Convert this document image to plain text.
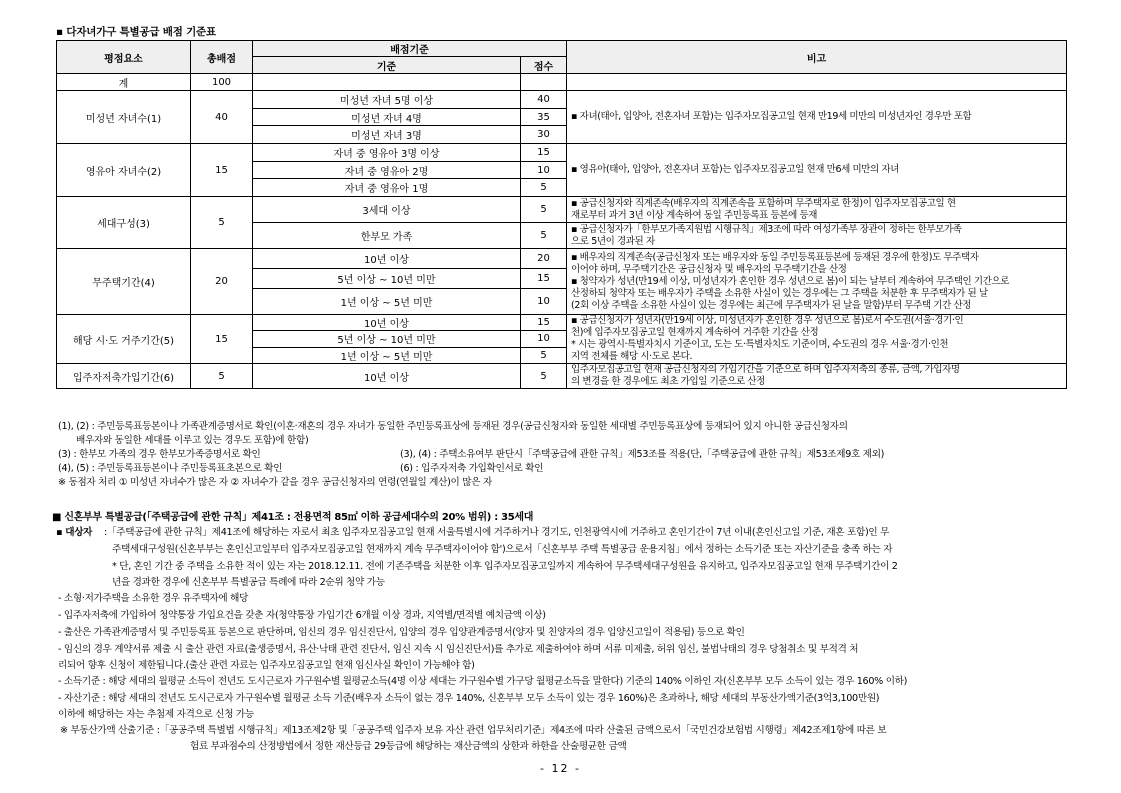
▪ 다자녀가구 특별공급 배점 기준표
평점요소	총배점	배점기준		비고
		기준	점수	
계	100			
미성년 자녀수(1)	40	미성년 자녀 5명 이상	40	▪ 자녀(태아, 입양아, 전혼자녀 포함)는 입주자모집공고일 현재 만19세 미만의 미성년자인 경우만 포함

		미성년 자녀 4명	35	
		미성년 자녀 3명	30	
영유아 자녀수(2)	15	자녀 중 영유아 3명 이상	15	▪ 영유아(태아, 입양아, 전혼자녀 포함)는 입주자모집공고일 현재 만6세 미만의 자녀

		자녀 중 영유아 2명	10	
		자녀 중 영유아 1명	5	
세대구성(3)	5	3세대 이상	5	▪ 공급신청자와 직계존속(배우자의 직계존속을 포함하며 무주택자로 한정)이 입주자모집공고일 현
재로부터 과거 3년 이상 계속하여 동일 주민등록표 등본에 등재

		한부모 가족	5	▪ 공급신청자가「한부모가족지원법 시행규칙」제3조에 따라 여성가족부 장관이 정하는 한부모가족
으로 5년이 경과된 자

무주택기간(4)	20	10년 이상	20	▪ 배우자의 직계존속(공급신청자 또는 배우자와 동일 주민등록표등본에 등재된 경우에 한정)도 무주택자
이어야 하며, 무주택기간은 공급신청자 및 배우자의 무주택기간을 산정
▪ 청약자가 성년(만19세 이상, 미성년자가 혼인한 경우 성년으로 봄)이 되는 날부터 계속하여 무주택인 기간으로
산정하되 청약자 또는 배우자가 주택을 소유한 사실이 있는 경우에는 그 주택을 처분한 후 무주택자가 된 날
(2회 이상 주택을 소유한 사실이 있는 경우에는 최근에 무주택자가 된 날을 말함)부터 무주택 기간 산정

		5년 이상 ~ 10년 미만	15	
		1년 이상 ~ 5년 미만	10	
해당 시·도 거주기간(5)	15	10년 이상	15	▪ 공급신청자가 성년자(만19세 이상, 미성년자가 혼인한 경우 성년으로 봄)로서 수도권(서울·경기·인
천)에 입주자모집공고일 현재까지 계속하여 거주한 기간을 산정
* 시는 광역시·특별자치시 기준이고, 도는 도·특별자치도 기준이며, 수도권의 경우 서울·경기·인천
지역 전체를 해당 시·도로 본다.

		5년 이상 ~ 10년 미만	10	
		1년 이상 ~ 5년 미만	5	
입주자저축가입기간(6)	5	10년 이상	5	입주자모집공고일 현재 공급신청자의 가입기간을 기준으로 하며 입주자저축의 종류, 금액, 가입자명
의 변경을 한 경우에도 최초 가입일 기준으로 산정
(1), (2) : 주민등록표등본이나 가족관계증명서로 확인(이혼·재혼의 경우 자녀가 동일한 주민등록표상에 등재된 경우(공급신청자와 동일한 세대별 주민등록표상에 등재되어 있지 아니한 공급신청자의
배우자와 동일한 세대를 이루고 있는 경우도 포함)에 한함)
(3) : 한부모 가족의 경우 한부모가족증명서로 확인	(3), (4) : 주택소유여부 판단시「주택공급에 관한 규칙」제53조를 적용(단,「주택공급에 관한 규칙」제53조제9호 제외)
(4), (5) : 주민등록표등본이나 주민등록표초본으로 확인	(6) : 입주자저축 가입확인서로 확인
※ 동점자 처리 ① 미성년 자녀수가 많은 자 ② 자녀수가 같을 경우 공급신청자의 연령(연월일 계산)이 많은 자
■ 신혼부부 특별공급(「주택공급에 관한 규칙」제41조 : 전용면적 85㎡ 이하 공급세대수의 20% 범위) : 35세대
▪ 대상자 :「주택공급에 관한 규칙」제41조에 해당하는 자로서 최초 입주자모집공고일 현재 서울특별시에 거주하거나 경기도, 인천광역시에 거주하고 혼인기간이 7년 이내(혼인신고일 기준, 재혼 포함)인 무
주택세대구성원(신혼부부는 혼인신고일부터 입주자모집공고일 현재까지 계속 무주택자이어야 함')으로서「신혼부부 주택 특별공급 운용지침」에서 정하는 소득기준 또는 자산기준을 충족 하는 자
* 단, 혼인 기간 중 주택을 소유한 적이 있는 자는 2018.12.11. 전에 기존주택을 처분한 이후 입주자모집공고일까지 계속하여 무주택세대구성원을 유지하고, 입주자모집공고일 현재 무주택기간이 2
년을 경과한 경우에 신혼부부 특별공급 특례에 따라 2순위 청약 가능
- 소형·저가주택을 소유한 경우 유주택자에 해당
- 입주자저축에 가입하여 청약통장 가입요건을 갖춘 자(청약통장 가입기간 6개월 이상 경과, 지역별/면적별 예치금액 이상)
- 출산은 가족관계증명서 및 주민등록표 등본으로 판단하며, 임신의 경우 임신진단서, 입양의 경우 입양관계증명서(양자 및 친양자의 경우 입양신고일이 적용됨) 등으로 확인
- 임신의 경우 계약서류 제출 시 출산 관련 자료(출생증명서, 유산·낙태 관련 진단서, 임신 지속 시 임신진단서)를 추가로 제출하여야 하며 서류 미제출, 허위 임신, 불법낙태의 경우 당첨취소 및 부적격 처
리되어 향후 신청이 제한됩니다.(출산 관련 자료는 입주자모집공고일 현재 임신사실 확인이 가능해야 함)
- 소득기준 : 해당 세대의 월평균 소득이 전년도 도시근로자 가구원수별 월평균소득(4명 이상 세대는 가구원수별 가구당 월평균소득을 말한다) 기준의 140% 이하인 자(신혼부부 모두 소득이 있는 경우 160% 이하)
- 자산기준 : 해당 세대의 전년도 도시근로자 가구원수별 월평균 소득 기준(배우자 소득이 없는 경우 140%, 신혼부부 모두 소득이 있는 경우 160%)은 초과하나, 해당 세대의 부동산가액기준(3억3,100만원)
이하에 해당하는 자는 추첨제 자격으로 신청 가능
※ 부동산가액 산출기준 :「공공주택 특별법 시행규칙」제13조제2항 및「공공주택 입주자 보유 자산 관련 업무처리기준」제4조에 따라 산출된 금액으로서「국민건강보험법 시행령」제42조제1항에 따른 보
험료 부과점수의 산정방법에서 정한 재산등급 29등급에 해당하는 재산금액의 상한과 하한을 산술평균한 금액
- 12 -
